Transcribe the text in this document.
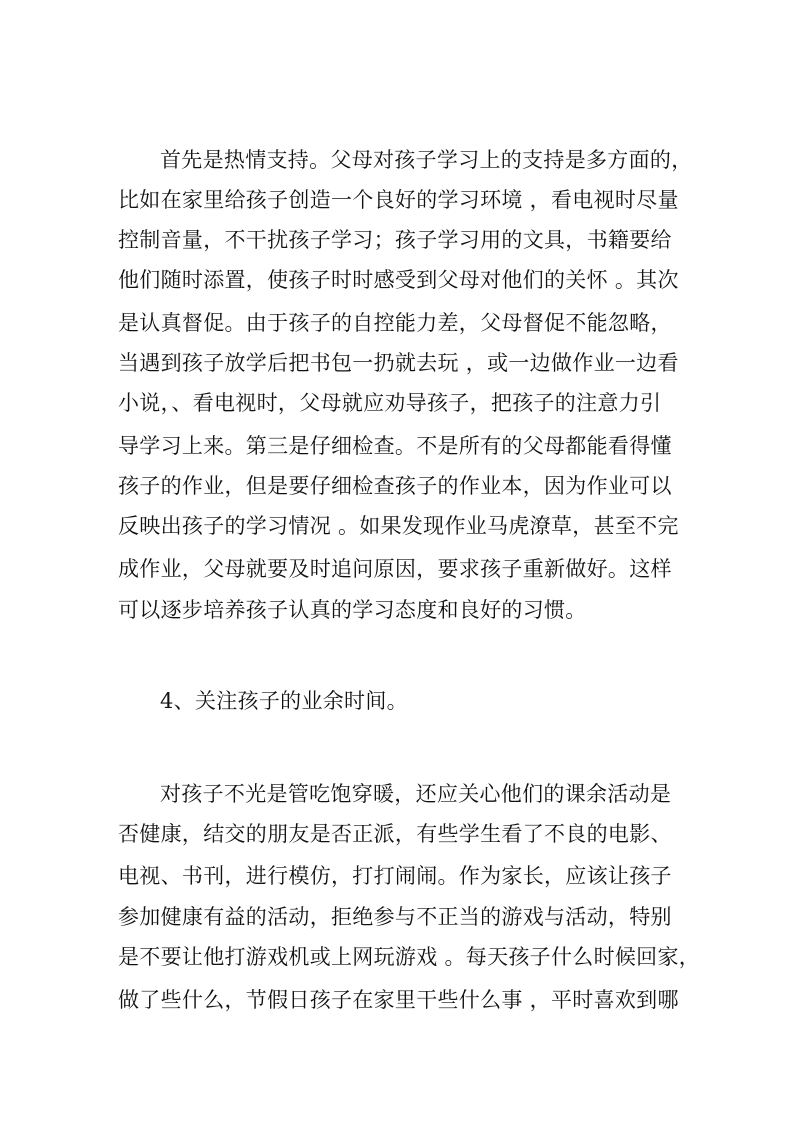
首先是热情支持。父母对孩子学习上的支持是多方面的，

比如在家里给孩子创造一个良好的学习环境 ，看电视时尽量

控制音量，不干扰孩子学习；孩子学习用的文具，书籍要给

他们随时添置，使孩子时时感受到父母对他们的关怀 。其次

是认真督促。由于孩子的自控能力差，父母督促不能忽略，

当遇到孩子放学后把书包一扔就去玩 ，或一边做作业一边看

小说，、看电视时，父母就应劝导孩子，把孩子的注意力引

导学习上来。第三是仔细检查。不是所有的父母都能看得懂

孩子的作业，但是要仔细检查孩子的作业本，因为作业可以

反映出孩子的学习情况 。如果发现作业马虎潦草，甚至不完

成作业，父母就要及时追问原因，要求孩子重新做好。这样

可以逐步培养孩子认真的学习态度和良好的习惯。

4、关注孩子的业余时间。

对孩子不光是管吃饱穿暖，还应关心他们的课余活动是

否健康，结交的朋友是否正派，有些学生看了不良的电影、

电视、书刊，进行模仿，打打闹闹。作为家长，应该让孩子

参加健康有益的活动，拒绝参与不正当的游戏与活动，特别

是不要让他打游戏机或上网玩游戏 。每天孩子什么时候回家，

做了些什么，节假日孩子在家里干些什么事 ，平时喜欢到哪
